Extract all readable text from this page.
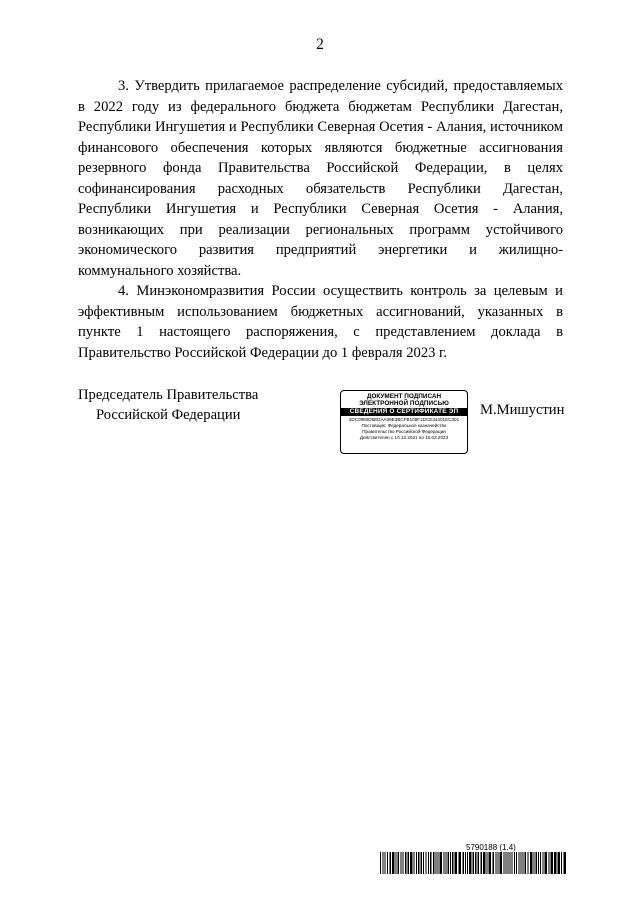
2

3. Утвердить прилагаемое распределение субсидий, предоставляемых в 2022 году из федерального бюджета бюджетам Республики Дагестан, Республики Ингушетия и Республики Северная Осетия - Алания, источником финансового обеспечения которых являются бюджетные ассигнования резервного фонда Правительства Российской Федерации, в целях софинансирования расходных обязательств Республики Дагестан, Республики Ингушетия и Республики Северная Осетия - Алания, возникающих при реализации региональных программ устойчивого экономического развития предприятий энергетики и жилищно-коммунального хозяйства.

4. Минэкономразвития России осуществить контроль за целевым и эффективным использованием бюджетных ассигнований, указанных в пункте 1 настоящего распоряжения, с представлением доклада в Правительство Российской Федерации до 1 февраля 2023 г.

Председатель Правительства
Российской Федерации
ДОКУМЕНТ ПОДПИСАН
ЭЛЕКТРОННОЙ ПОДПИСЬЮ
СВЕДЕНИЯ О СЕРТИФИКАТЕ ЭП
4DC0950D5EDAA09E3BCFB108F1DCE44401EC301
Поставщик: Федеральное казначейство
Правительство Российской Федерации
Действителен с 10.12.2021 по 10.03.2023
М.Мишустин
5790188 (1.4)
